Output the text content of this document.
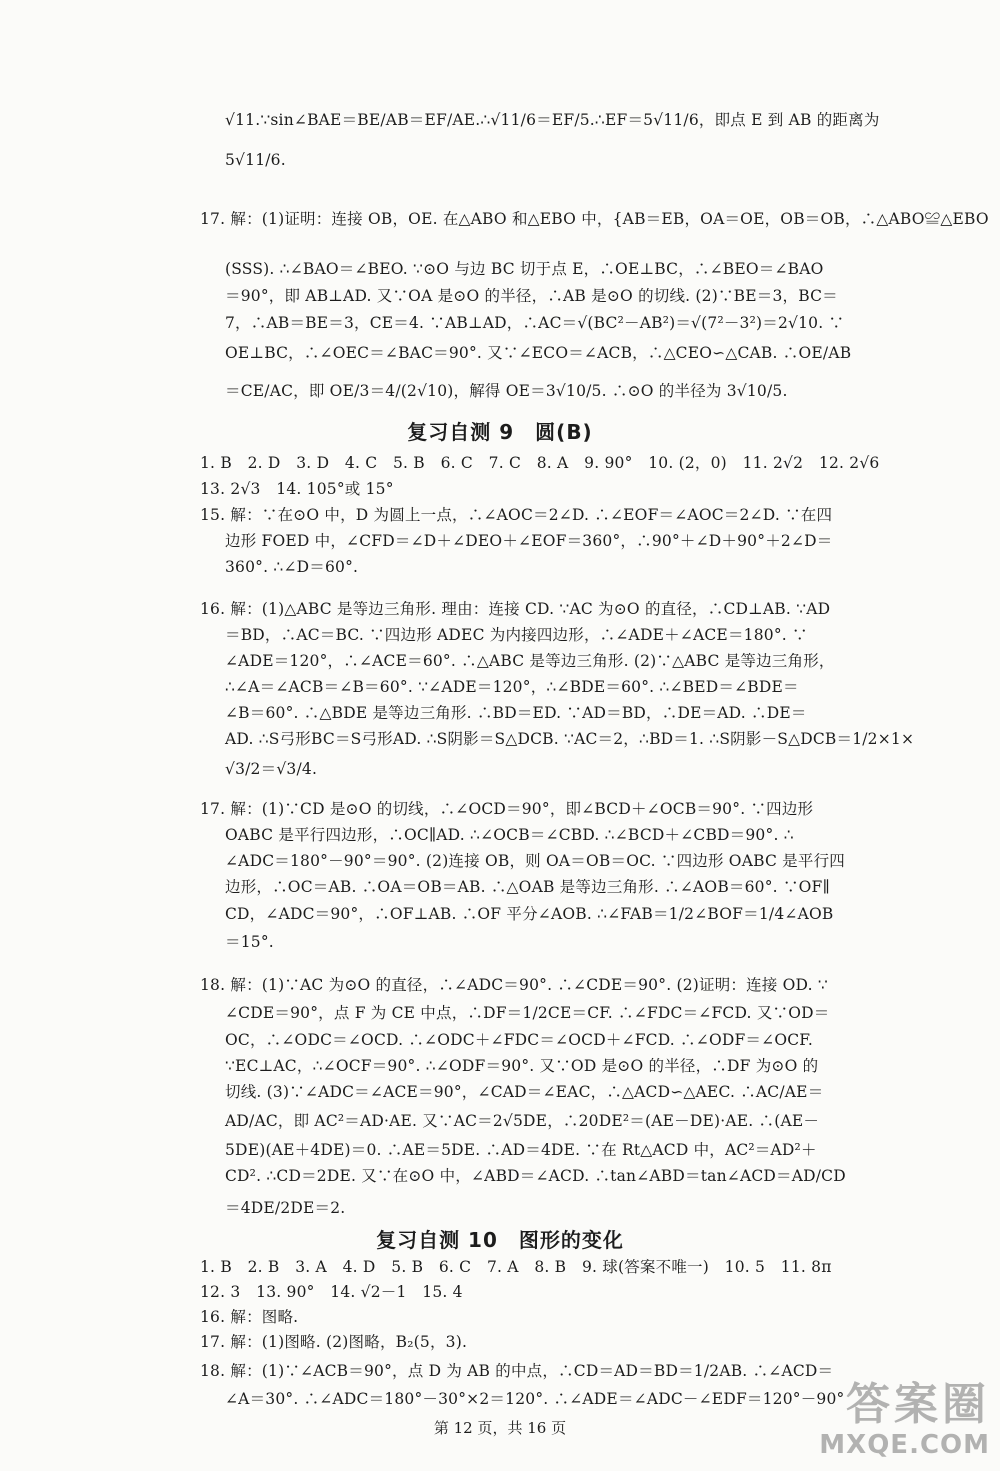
√11.∵sin∠BAE＝BE/AB＝EF/AE.∴√11/6＝EF/5.∴EF＝5√11/6，即点 E 到 AB 的距离为
5√11/6.
17. 解：(1)证明：连接 OB，OE. 在△ABO 和△EBO 中，{AB＝EB，OA＝OE，OB＝OB，∴△ABO≌△EBO
(SSS). ∴∠BAO＝∠BEO. ∵⊙O 与边 BC 切于点 E，∴OE⊥BC，∴∠BEO＝∠BAO
＝90°，即 AB⊥AD. 又∵OA 是⊙O 的半径，∴AB 是⊙O 的切线. (2)∵BE＝3，BC＝
7，∴AB＝BE＝3，CE＝4. ∵AB⊥AD，∴AC＝√(BC²－AB²)＝√(7²－3²)＝2√10. ∵
OE⊥BC，∴∠OEC＝∠BAC＝90°. 又∵∠ECO＝∠ACB，∴△CEO∽△CAB. ∴OE/AB
＝CE/AC，即 OE/3＝4/(2√10)，解得 OE＝3√10/5. ∴⊙O 的半径为 3√10/5.
复习自测 9　圆(B)
1. B　2. D　3. D　4. C　5. B　6. C　7. C　8. A　9. 90°　10. (2，0)　11. 2√2　12. 2√6
13. 2√3　14. 105°或 15°
15. 解：∵在⊙O 中，D 为圆上一点，∴∠AOC＝2∠D. ∴∠EOF＝∠AOC＝2∠D. ∵在四
边形 FOED 中，∠CFD＝∠D＋∠DEO＋∠EOF＝360°，∴90°＋∠D＋90°＋2∠D＝
360°. ∴∠D＝60°.
16. 解：(1)△ABC 是等边三角形. 理由：连接 CD. ∵AC 为⊙O 的直径，∴CD⊥AB. ∵AD
＝BD，∴AC＝BC. ∵四边形 ADEC 为内接四边形，∴∠ADE＋∠ACE＝180°. ∵
∠ADE＝120°，∴∠ACE＝60°. ∴△ABC 是等边三角形. (2)∵△ABC 是等边三角形，
∴∠A＝∠ACB＝∠B＝60°. ∵∠ADE＝120°，∴∠BDE＝60°. ∴∠BED＝∠BDE＝
∠B＝60°. ∴△BDE 是等边三角形. ∴BD＝ED. ∵AD＝BD，∴DE＝AD. ∴DE＝
AD. ∴S弓形BC＝S弓形AD. ∴S阴影＝S△DCB. ∵AC＝2，∴BD＝1. ∴S阴影－S△DCB＝1/2×1×
√3/2＝√3/4.
17. 解：(1)∵CD 是⊙O 的切线，∴∠OCD＝90°，即∠BCD＋∠OCB＝90°. ∵四边形
OABC 是平行四边形，∴OC∥AD. ∴∠OCB＝∠CBD. ∴∠BCD＋∠CBD＝90°. ∴
∠ADC＝180°－90°＝90°. (2)连接 OB，则 OA＝OB＝OC. ∵四边形 OABC 是平行四
边形，∴OC＝AB. ∴OA＝OB＝AB. ∴△OAB 是等边三角形. ∴∠AOB＝60°. ∵OF∥
CD，∠ADC＝90°，∴OF⊥AB. ∴OF 平分∠AOB. ∴∠FAB＝1/2∠BOF＝1/4∠AOB
＝15°.
18. 解：(1)∵AC 为⊙O 的直径，∴∠ADC＝90°. ∴∠CDE＝90°. (2)证明：连接 OD. ∵
∠CDE＝90°，点 F 为 CE 中点，∴DF＝1/2CE＝CF. ∴∠FDC＝∠FCD. 又∵OD＝
OC，∴∠ODC＝∠OCD. ∴∠ODC＋∠FDC＝∠OCD＋∠FCD. ∴∠ODF＝∠OCF.
∵EC⊥AC，∴∠OCF＝90°. ∴∠ODF＝90°. 又∵OD 是⊙O 的半径，∴DF 为⊙O 的
切线. (3)∵∠ADC＝∠ACE＝90°，∠CAD＝∠EAC，∴△ACD∽△AEC. ∴AC/AE＝
AD/AC，即 AC²＝AD·AE. 又∵AC＝2√5DE，∴20DE²＝(AE－DE)·AE. ∴(AE－
5DE)(AE＋4DE)＝0. ∴AE＝5DE. ∴AD＝4DE. ∵在 Rt△ACD 中，AC²＝AD²＋
CD². ∴CD＝2DE. 又∵在⊙O 中，∠ABD＝∠ACD. ∴tan∠ABD＝tan∠ACD＝AD/CD
＝4DE/2DE＝2.
复习自测 10　图形的变化
1. B　2. B　3. A　4. D　5. B　6. C　7. A　8. B　9. 球(答案不唯一)　10. 5　11. 8π
12. 3　13. 90°　14. √2－1　15. 4
16. 解：图略.
17. 解：(1)图略. (2)图略，B₂(5，3).
18. 解：(1)∵∠ACB＝90°，点 D 为 AB 的中点，∴CD＝AD＝BD＝1/2AB. ∴∠ACD＝
∠A＝30°. ∴∠ADC＝180°－30°×2＝120°. ∴∠ADE＝∠ADC－∠EDF＝120°－90°
第 12 页，共 16 页	答案圈
MXQE.COM
